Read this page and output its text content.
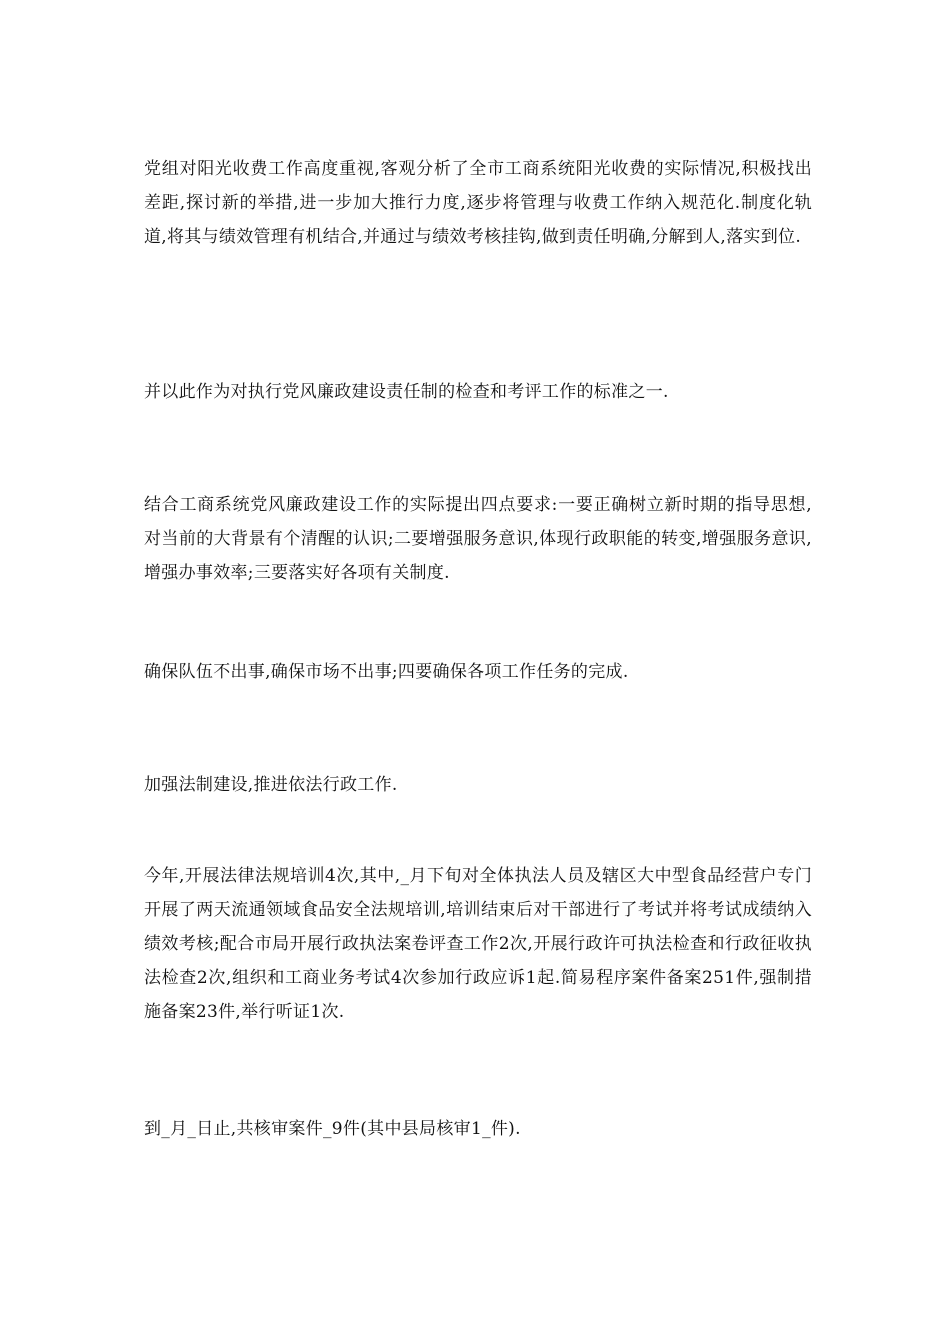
党组对阳光收费工作高度重视,客观分析了全市工商系统阳光收费的实际情况,积极找出差距,探讨新的举措,进一步加大推行力度,逐步将管理与收费工作纳入规范化.制度化轨道,将其与绩效管理有机结合,并通过与绩效考核挂钩,做到责任明确,分解到人,落实到位.

并以此作为对执行党风廉政建设责任制的检查和考评工作的标准之一.

结合工商系统党风廉政建设工作的实际提出四点要求:一要正确树立新时期的指导思想,对当前的大背景有个清醒的认识;二要增强服务意识,体现行政职能的转变,增强服务意识,增强办事效率;三要落实好各项有关制度.

确保队伍不出事,确保市场不出事;四要确保各项工作任务的完成.

加强法制建设,推进依法行政工作.

今年,开展法律法规培训4次,其中,_月下旬对全体执法人员及辖区大中型食品经营户专门开展了两天流通领域食品安全法规培训,培训结束后对干部进行了考试并将考试成绩纳入绩效考核;配合市局开展行政执法案卷评查工作2次,开展行政许可执法检查和行政征收执法检查2次,组织和工商业务考试4次参加行政应诉1起.简易程序案件备案251件,强制措施备案23件,举行听证1次.

到_月_日止,共核审案件_9件(其中县局核审1_件).
